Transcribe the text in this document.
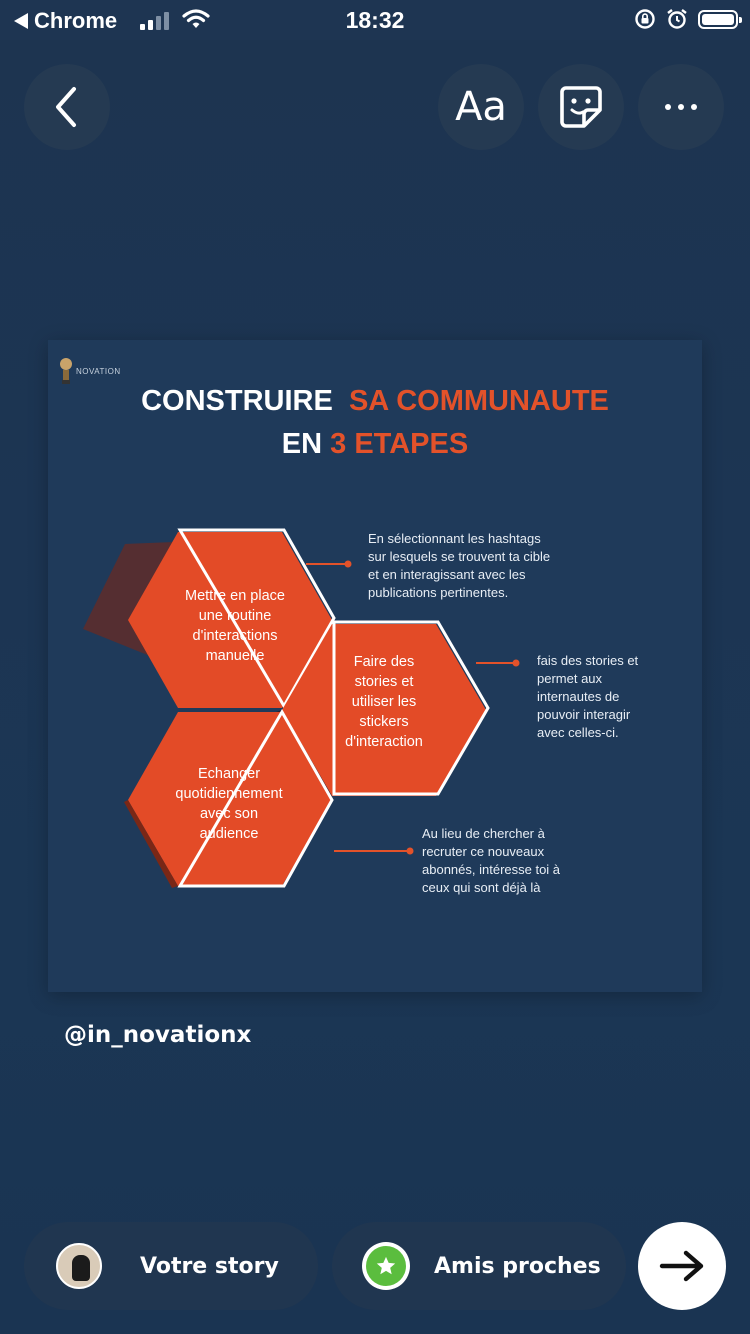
Chrome	18:32
Aa
NOVATION
CONSTRUIRE SA COMMUNAUTE
EN 3 ETAPES
Mettre en place
une routine
d'interactions
manuelle	Faire des
stories et
utiliser les
stickers
d'interaction
Echanger
quotidiennement
avec son
audience
En sélectionnant les hashtags
sur lesquels se trouvent ta cible
et en interagissant avec les
publications pertinentes.
fais des stories et
permet aux
internautes de
pouvoir interagir
avec celles-ci.
Au lieu de chercher à
recruter ce nouveaux
abonnés, intéresse toi à
ceux qui sont déjà là
@in_novationx
Votre story	Amis proches
